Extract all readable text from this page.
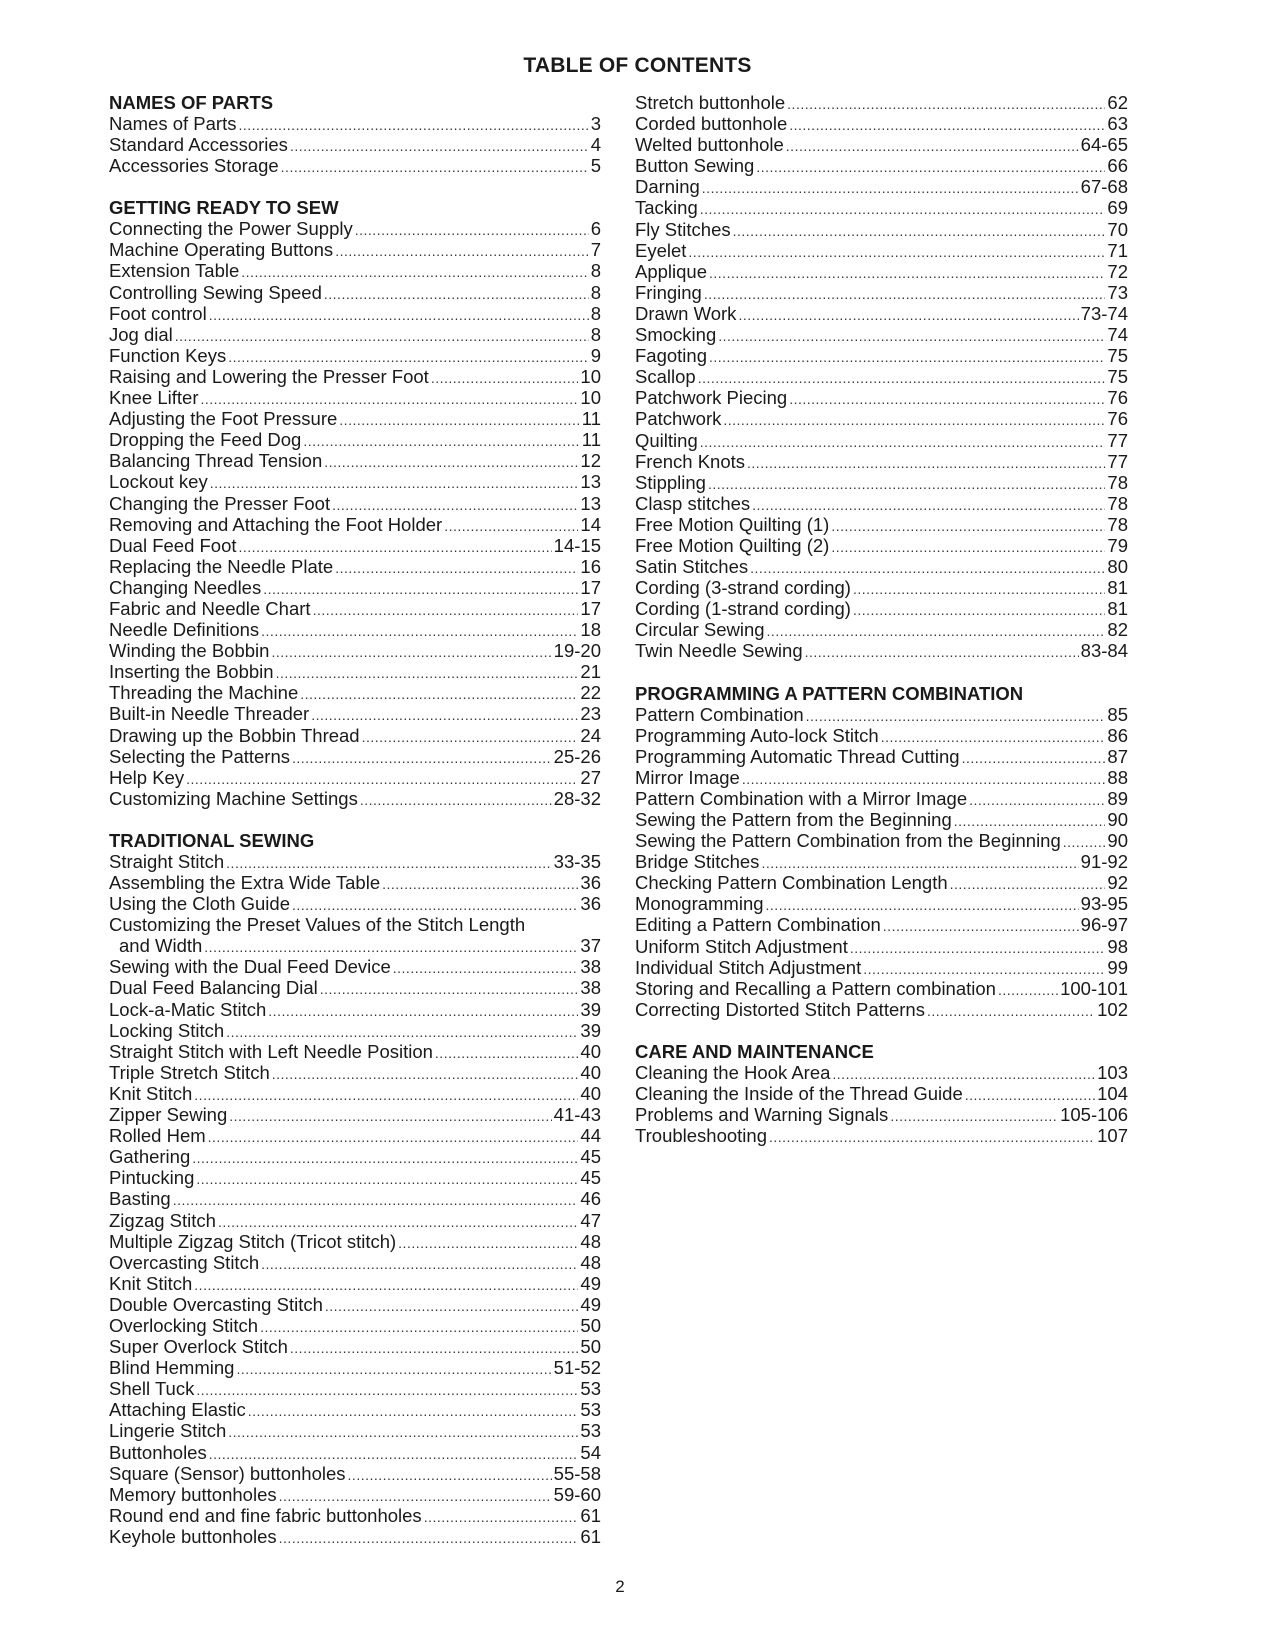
TABLE OF CONTENTS
NAMES OF PARTS
Names of Parts .....	3
Standard Accessories .....	4
Accessories Storage .....	5
GETTING READY TO SEW
Connecting the Power Supply .....	6
Machine Operating Buttons .....	7
Extension Table .....	8
Controlling Sewing Speed .....	8
Foot control .....	8
Jog dial .....	8
Function Keys .....	9
Raising and Lowering the Presser Foot .....	10
Knee Lifter .....	10
Adjusting the Foot Pressure .....	11
Dropping the Feed Dog .....	11
Balancing Thread Tension .....	12
Lockout key .....	13
Changing the Presser Foot .....	13
Removing and Attaching the Foot Holder .....	14
Dual Feed Foot .....	14-15
Replacing the Needle Plate .....	16
Changing Needles .....	17
Fabric and Needle Chart .....	17
Needle Definitions .....	18
Winding the Bobbin .....	19-20
Inserting the Bobbin .....	21
Threading the Machine .....	22
Built-in Needle Threader .....	23
Drawing up the Bobbin Thread .....	24
Selecting the Patterns .....	25-26
Help Key .....	27
Customizing Machine Settings .....	28-32
TRADITIONAL SEWING
Straight Stitch .....	33-35
Assembling the Extra Wide Table .....	36
Using the Cloth Guide .....	36
Customizing the Preset Values of the Stitch Length
and Width .....	37
Sewing with the Dual Feed Device .....	38
Dual Feed Balancing Dial .....	38
Lock-a-Matic Stitch .....	39
Locking Stitch .....	39
Straight Stitch with Left Needle Position .....	40
Triple Stretch Stitch .....	40
Knit Stitch .....	40
Zipper Sewing .....	41-43
Rolled Hem .....	44
Gathering .....	45
Pintucking .....	45
Basting .....	46
Zigzag Stitch .....	47
Multiple Zigzag Stitch (Tricot stitch) .....	48
Overcasting Stitch .....	48
Knit Stitch .....	49
Double Overcasting Stitch .....	49
Overlocking Stitch .....	50
Super Overlock Stitch .....	50
Blind Hemming .....	51-52
Shell Tuck .....	53
Attaching Elastic .....	53
Lingerie Stitch .....	53
Buttonholes .....	54
Square (Sensor) buttonholes .....	55-58
Memory buttonholes .....	59-60
Round end and fine fabric buttonholes .....	61
Keyhole buttonholes .....	61
Stretch buttonhole .....	62
Corded buttonhole .....	63
Welted buttonhole .....	64-65
Button Sewing .....	66
Darning .....	67-68
Tacking .....	69
Fly Stitches .....	70
Eyelet .....	71
Applique .....	72
Fringing .....	73
Drawn Work .....	73-74
Smocking .....	74
Fagoting .....	75
Scallop .....	75
Patchwork Piecing .....	76
Patchwork .....	76
Quilting .....	77
French Knots .....	77
Stippling .....	78
Clasp stitches .....	78
Free Motion Quilting (1) .....	78
Free Motion Quilting (2) .....	79
Satin Stitches .....	80
Cording (3-strand cording) .....	81
Cording (1-strand cording) .....	81
Circular Sewing .....	82
Twin Needle Sewing .....	83-84
PROGRAMMING A PATTERN COMBINATION
Pattern Combination .....	85
Programming Auto-lock Stitch .....	86
Programming Automatic Thread Cutting .....	87
Mirror Image .....	88
Pattern Combination with a Mirror Image .....	89
Sewing the Pattern from the Beginning .....	90
Sewing the Pattern Combination from the Beginning .....	90
Bridge Stitches .....	91-92
Checking Pattern Combination Length .....	92
Monogramming .....	93-95
Editing a Pattern Combination .....	96-97
Uniform Stitch Adjustment .....	98
Individual Stitch Adjustment .....	99
Storing and Recalling a Pattern combination .....	100-101
Correcting Distorted Stitch Patterns .....	102
CARE AND MAINTENANCE
Cleaning the Hook Area .....	103
Cleaning the Inside of the Thread Guide .....	104
Problems and Warning Signals .....	105-106
Troubleshooting .....	107
2
